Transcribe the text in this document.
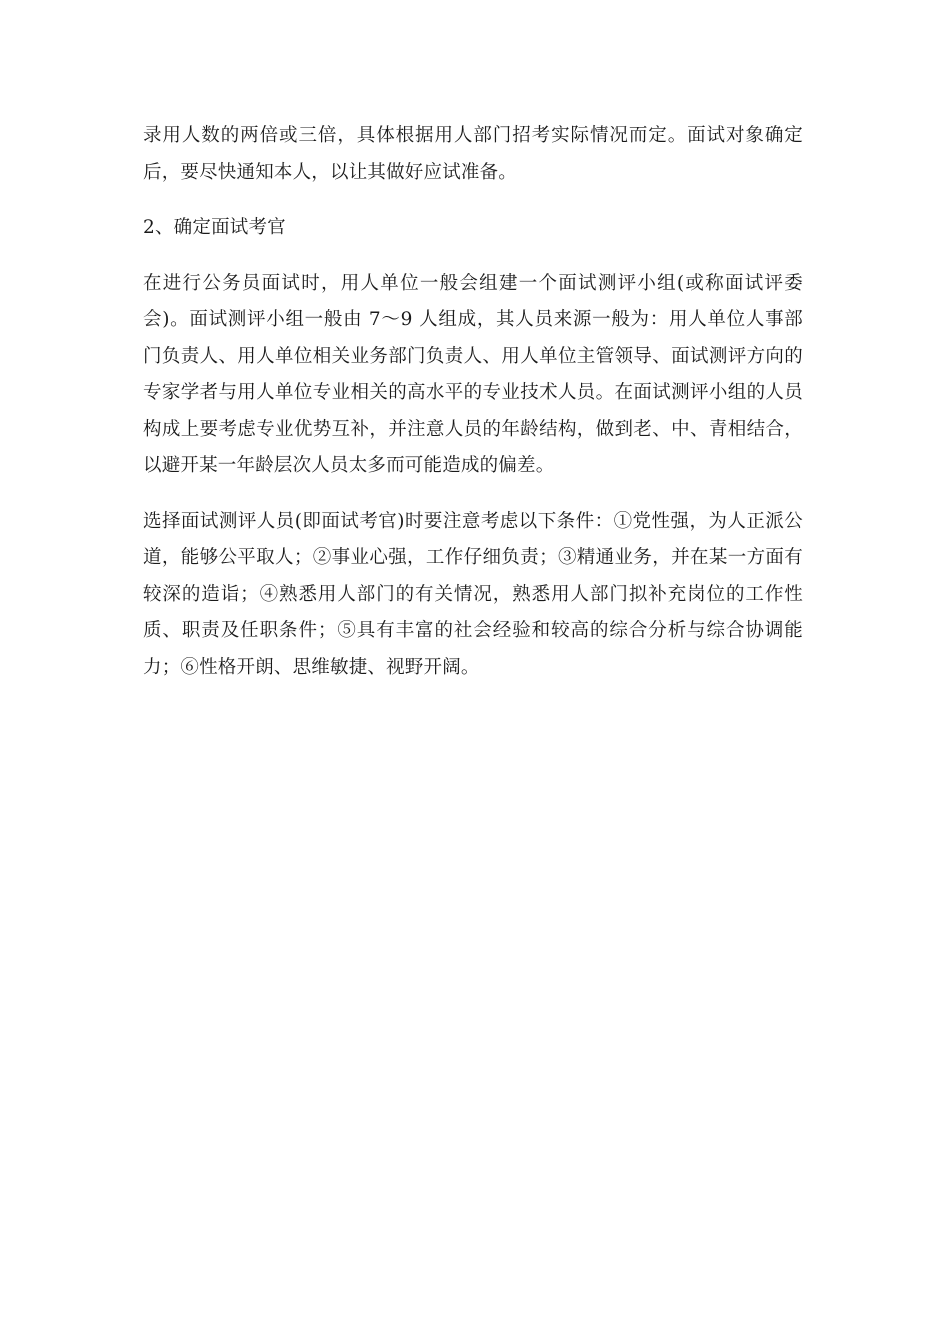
录用人数的两倍或三倍，具体根据用人部门招考实际情况而定。面试对象确定后，要尽快通知本人，以让其做好应试准备。

2、确定面试考官

在进行公务员面试时，用人单位一般会组建一个面试测评小组(或称面试评委会)。面试测评小组一般由 7～9 人组成，其人员来源一般为：用人单位人事部门负责人、用人单位相关业务部门负责人、用人单位主管领导、面试测评方向的专家学者与用人单位专业相关的高水平的专业技术人员。在面试测评小组的人员构成上要考虑专业优势互补，并注意人员的年龄结构，做到老、中、青相结合，以避开某一年龄层次人员太多而可能造成的偏差。

选择面试测评人员(即面试考官)时要注意考虑以下条件：①党性强，为人正派公道，能够公平取人；②事业心强，工作仔细负责；③精通业务，并在某一方面有较深的造诣；④熟悉用人部门的有关情况，熟悉用人部门拟补充岗位的工作性质、职责及任职条件；⑤具有丰富的社会经验和较高的综合分析与综合协调能力；⑥性格开朗、思维敏捷、视野开阔。
